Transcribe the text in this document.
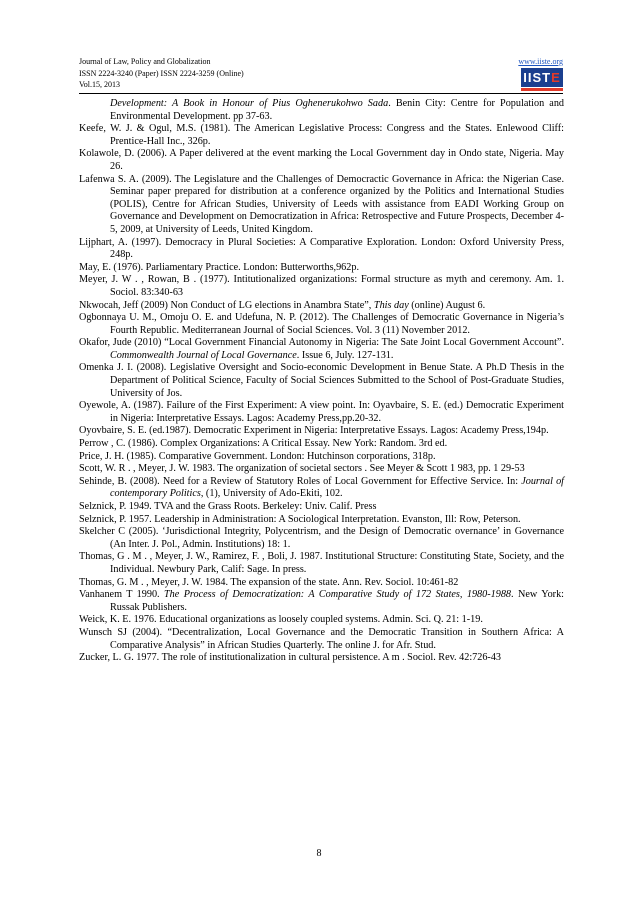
Journal of Law, Policy and Globalization	www.iiste.org
ISSN 2224-3240 (Paper) ISSN 2224-3259 (Online)
Vol.15, 2013	IISTE

Development: A Book in Honour of Pius Oghenerukohwo Sada. Benin City: Centre for Population and Environmental Development. pp 37-63.

Keefe, W. J. & Ogul, M.S. (1981). The American Legislative Process: Congress and the States. Enlewood Cliff: Prentice-Hall Inc., 326p.

Kolawole, D. (2006). A Paper delivered at the event marking the Local Government day in Ondo state, Nigeria. May 26.

Lafenwa S. A. (2009). The Legislature and the Challenges of Democractic Governance in Africa: the Nigerian Case. Seminar paper prepared for distribution at a conference organized by the Politics and International Studies (POLIS), Centre for African Studies, University of Leeds with assistance from EADI Working Group on Governance and Development on Democratization in Africa: Retrospective and Future Prospects, December 4-5, 2009, at University of Leeds, United Kingdom.

Lijphart, A. (1997). Democracy in Plural Societies: A Comparative Exploration. London: Oxford University Press, 248p.

May, E. (1976). Parliamentary Practice. London: Butterworths,962p.

Meyer, J. W . , Rowan, B . (1977). Intitutionalized organizations: Formal structure as myth and ceremony. Am. 1. Sociol. 83:340-63

Nkwocah, Jeff (2009) Non Conduct of LG elections in Anambra State”, This day (online) August 6.

Ogbonnaya U. M., Omoju O. E. and Udefuna, N. P. (2012). The Challenges of Democratic Governance in Nigeria’s Fourth Republic. Mediterranean Journal of Social Sciences. Vol. 3 (11) November 2012.

Okafor, Jude (2010) “Local Government Financial Autonomy in Nigeria: The Sate Joint Local Government Account”. Commonwealth Journal of Local Governance. Issue 6, July. 127-131.

Omenka J. I. (2008). Legislative Oversight and Socio-economic Development in Benue State. A Ph.D Thesis in the Department of Political Science, Faculty of Social Sciences Submitted to the School of Post-Graduate Studies, University of Jos.

Oyewole, A. (1987). Failure of the First Experiment: A view point. In: Oyavbaire, S. E. (ed.) Democratic Experiment in Nigeria: Interpretative Essays. Lagos: Academy Press,pp.20-32.

Oyovbaire, S. E. (ed.1987). Democratic Experiment in Nigeria: Interpretative Essays. Lagos: Academy Press,194p.

Perrow , C. (1986). Complex Organizations: A Critical Essay. New York: Random. 3rd ed.

Price, J. H. (1985). Comparative Government. London: Hutchinson corporations, 318p.

Scott, W. R . , Meyer, J. W. 1983. The organization of societal sectors . See Meyer & Scott 1 983, pp. 1 29-53

Sehinde, B. (2008). Need for a Review of Statutory Roles of Local Government for Effective Service. In: Journal of contemporary Politics, (1), University of Ado-Ekiti, 102.

Selznick, P. 1949. TVA and the Grass Roots. Berkeley: Univ. Calif. Press

Selznick, P. 1957. Leadership in Administration: A Sociological Interpretation. Evanston, Ill: Row, Peterson.

Skelcher C (2005). ‘Jurisdictional Integrity, Polycentrism, and the Design of Democratic overnance’ in Governance (An Inter. J. Pol., Admin. Institutions) 18: 1.

Thomas, G . M . , Meyer, J. W., Ramirez, F. , Boli, J. 1987. Institutional Structure: Constituting State, Society, and the Individual. Newbury Park, Calif: Sage. In press.

Thomas, G. M . , Meyer, J. W. 1984. The expansion of the state. Ann. Rev. Sociol. 10:461-82

Vanhanem T 1990. The Process of Democratization: A Comparative Study of 172 States, 1980-1988. New York: Russak Publishers.

Weick, K. E. 1976. Educational organizations as loosely coupled systems. Admin. Sci. Q. 21: 1-19.

Wunsch SJ (2004). “Decentralization, Local Governance and the Democratic Transition in Southern Africa: A Comparative Analysis” in African Studies Quarterly. The online J. for Afr. Stud.

Zucker, L. G. 1977. The role of institutionalization in cultural persistence. A m . Sociol. Rev. 42:726-43

8
